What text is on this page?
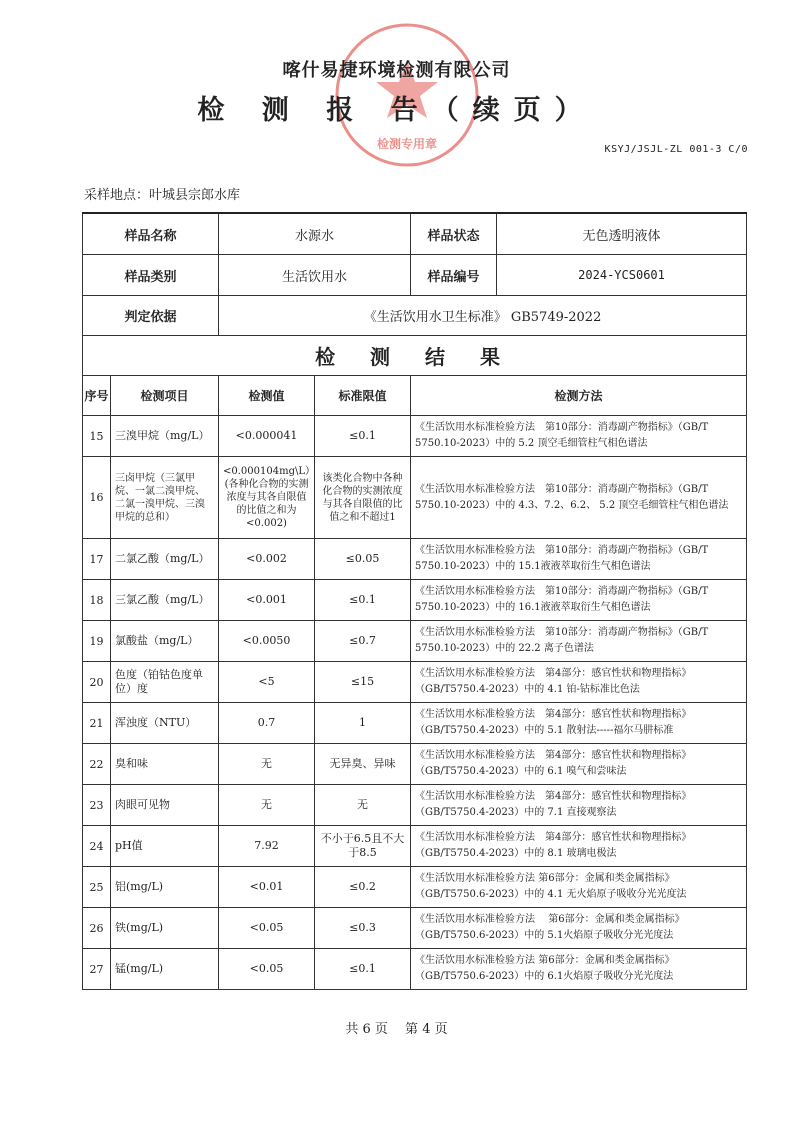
检测专用章
喀什易捷环境检测有限公司
检 测 报 告（续页）
KSYJ/JSJL-ZL 001-3 C/0
采样地点：叶城县宗郎水库
样品名称		水源水		样品状态 无色透明液体

样品类别		生活饮用水		样品编号 2024-YCS0601

判定依据		《生活饮用水卫生标准》 GB5749-2022		
检 测 结 果				
序号	检测项目	检测值	标准限值	检测方法
15	三溴甲烷（mg/L）	<0.000041	≤0.1	《生活饮用水标准检验方法　第10部分：消毒副产物指标》（GB/T 5750.10-2023）中的 5.2 顶空毛细管柱气相色谱法
16	三卤甲烷（三氯甲烷、一氯二溴甲烷、二氯一溴甲烷、三溴甲烷的总和）	<0.000104mg\L）(各种化合物的实测浓度与其各自限值的比值之和为<0.002)	该类化合物中各种化合物的实测浓度与其各自限值的比值之和不超过1	《生活饮用水标准检验方法　第10部分：消毒副产物指标》（GB/T 5750.10-2023）中的 4.3、7.2、6.2、 5.2 顶空毛细管柱气相色谱法
17	二氯乙酸（mg/L）	<0.002	≤0.05	《生活饮用水标准检验方法　第10部分：消毒副产物指标》（GB/T 5750.10-2023）中的 15.1液液萃取衍生气相色谱法
18	三氯乙酸（mg/L）	<0.001	≤0.1	《生活饮用水标准检验方法　第10部分：消毒副产物指标》（GB/T 5750.10-2023）中的 16.1液液萃取衍生气相色谱法
19	氯酸盐（mg/L）	<0.0050	≤0.7	《生活饮用水标准检验方法　第10部分：消毒副产物指标》（GB/T 5750.10-2023）中的 22.2 离子色谱法
20	色度（铂钴色度单位）度	<5	≤15	《生活饮用水标准检验方法　第4部分：感官性状和物理指标》（GB/T5750.4-2023）中的 4.1 铂-钴标准比色法
21	浑浊度（NTU）	0.7	1	《生活饮用水标准检验方法　第4部分：感官性状和物理指标》（GB/T5750.4-2023）中的 5.1 散射法-----福尔马肼标准
22	臭和味	无	无异臭、异味	《生活饮用水标准检验方法　第4部分：感官性状和物理指标》（GB/T5750.4-2023）中的 6.1 嗅气和尝味法
23	肉眼可见物	无	无	《生活饮用水标准检验方法　第4部分：感官性状和物理指标》（GB/T5750.4-2023）中的 7.1 直接观察法
24	pH值	7.92	不小于6.5且不大于8.5	《生活饮用水标准检验方法　第4部分：感官性状和物理指标》（GB/T5750.4-2023）中的 8.1 玻璃电极法
25	铝(mg/L)	<0.01	≤0.2	《生活饮用水标准检验方法 第6部分：金属和类金属指标》（GB/T5750.6-2023）中的 4.1 无火焰原子吸收分光光度法
26	铁(mg/L)	<0.05	≤0.3	《生活饮用水标准检验方法　 第6部分：金属和类金属指标》（GB/T5750.6-2023）中的 5.1火焰原子吸收分光光度法
27	锰(mg/L)	<0.05	≤0.1	《生活饮用水标准检验方法 第6部分：金属和类金属指标》（GB/T5750.6-2023）中的 6.1火焰原子吸收分光光度法
共 6 页　 第 4 页
